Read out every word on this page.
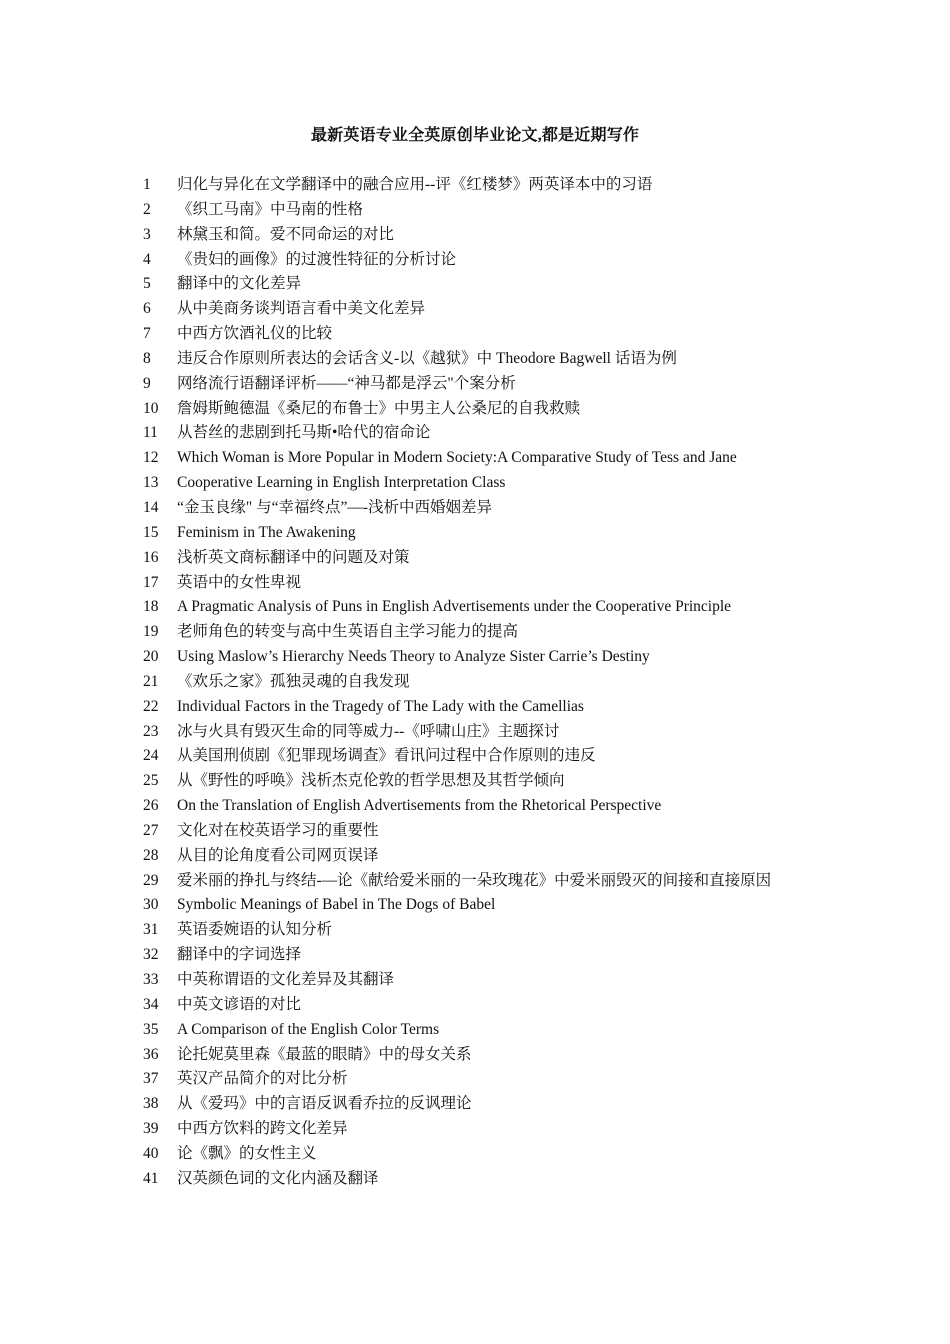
最新英语专业全英原创毕业论文,都是近期写作
1 归化与异化在文学翻译中的融合应用--评《红楼梦》两英译本中的习语
2 《织工马南》中马南的性格
3 林黛玉和简。爱不同命运的对比
4 《贵妇的画像》的过渡性特征的分析讨论
5 翻译中的文化差异
6 从中美商务谈判语言看中美文化差异
7 中西方饮酒礼仪的比较
8 违反合作原则所表达的会话含义-以《越狱》中 Theodore Bagwell 话语为例
9 网络流行语翻译评析——“神马都是浮云"个案分析
10 詹姆斯鲍德温《桑尼的布鲁士》中男主人公桑尼的自我救赎
11 从苔丝的悲剧到托马斯•哈代的宿命论
12 Which Woman is More Popular in Modern Society:A Comparative Study of Tess and Jane
13 Cooperative Learning in English Interpretation Class
14 “金玉良缘" 与“幸福终点”—-浅析中西婚姻差异
15 Feminism in The Awakening
16 浅析英文商标翻译中的问题及对策
17 英语中的女性卑视
18 A Pragmatic Analysis of Puns in English Advertisements under the Cooperative Principle
19 老师角色的转变与高中生英语自主学习能力的提高
20 Using Maslow’s Hierarchy Needs Theory to Analyze Sister Carrie’s Destiny
21 《欢乐之家》孤独灵魂的自我发现
22 Individual Factors in the Tragedy of The Lady with the Camellias
23 冰与火具有毁灭生命的同等威力--《呼啸山庄》主题探讨
24 从美国刑侦剧《犯罪现场调查》看讯问过程中合作原则的违反
25 从《野性的呼唤》浅析杰克伦敦的哲学思想及其哲学倾向
26 On the Translation of English Advertisements from the Rhetorical Perspective
27 文化对在校英语学习的重要性
28 从目的论角度看公司网页误译
29 爱米丽的挣扎与终结-—论《献给爱米丽的一朵玫瑰花》中爱米丽毁灭的间接和直接原因
30 Symbolic Meanings of Babel in The Dogs of Babel
31 英语委婉语的认知分析
32 翻译中的字词选择
33 中英称谓语的文化差异及其翻译
34 中英文谚语的对比
35 A Comparison of the English Color Terms
36 论托妮莫里森《最蓝的眼睛》中的母女关系
37 英汉产品简介的对比分析
38 从《爱玛》中的言语反讽看乔拉的反讽理论
39 中西方饮料的跨文化差异
40 论《飘》的女性主义
41 汉英颜色词的文化内涵及翻译
